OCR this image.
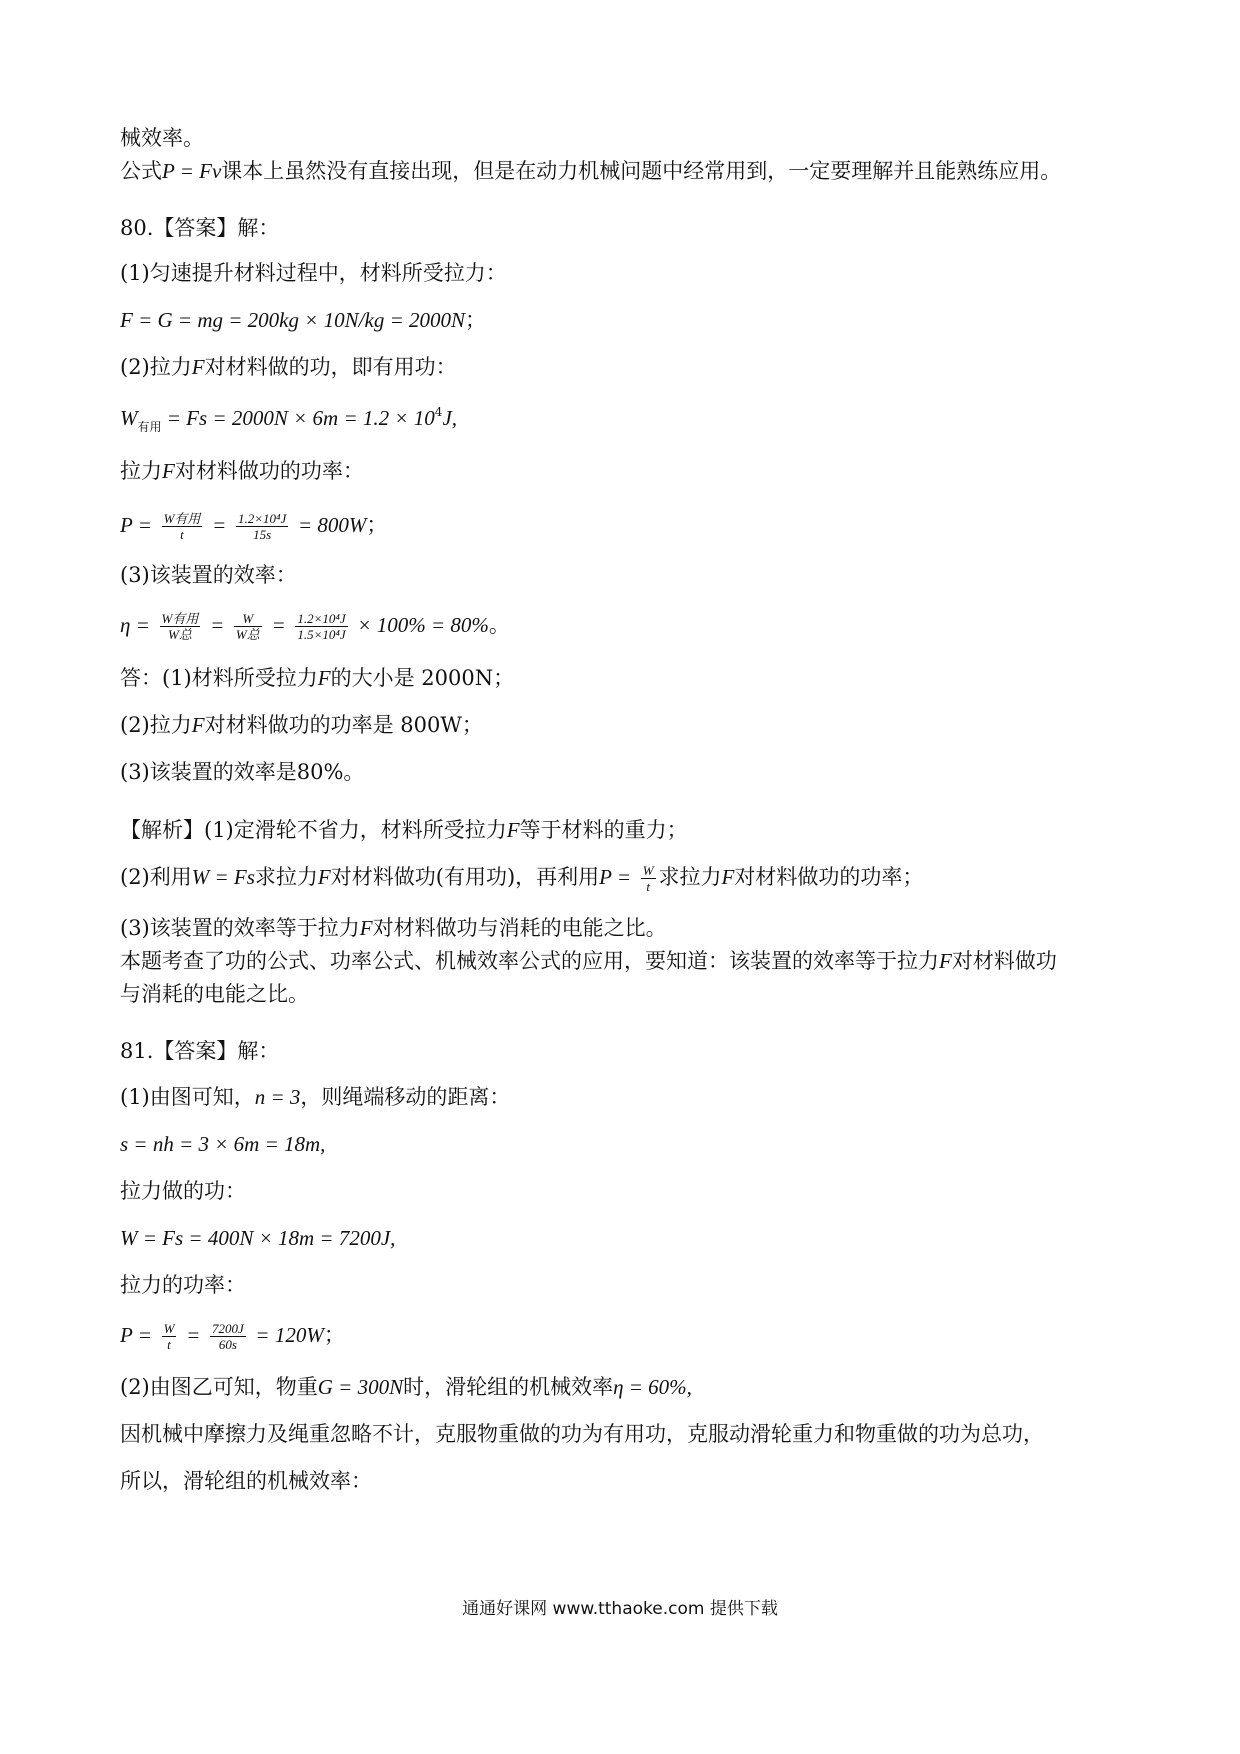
械效率。
公式P = Fv课本上虽然没有直接出现，但是在动力机械问题中经常用到，一定要理解并且能熟练应用。
80.【答案】解：
(1)匀速提升材料过程中，材料所受拉力：
F = G = mg = 200kg × 10N/kg = 2000N；
(2)拉力F对材料做的功，即有用功：
$W_{有用} = Fs = 2000N \times 6m = 1.2 \times 10^4J$,
拉力F对材料做功的功率：
$P = \frac{\text{W有用}}{t} = \frac{\text{1.2×10⁴J}}{15s} = 800W$；
(3)该装置的效率：
$\eta = \frac{\text{W有用}}{\text{W总}} = \frac{W}{\text{W总}} = \frac{\text{1.2×10⁴J}}{\text{1.5×10⁴J}} \times 100\% = 80\%$。
答：(1)材料所受拉力F的大小是 2000N；
(2)拉力F对材料做功的功率是 800W；
(3)该装置的效率是80%。
【解析】(1)定滑轮不省力，材料所受拉力F等于材料的重力；
(2)利用W = Fs求拉力F对材料做功(有用功)，再利用$P = \frac{W}{t}$ 求拉力F对材料做功的功率；
(3)该装置的效率等于拉力F对材料做功与消耗的电能之比。
本题考查了功的公式、功率公式、机械效率公式的应用，要知道：该装置的效率等于拉力F对材料做功
与消耗的电能之比。
81.【答案】解：
(1)由图可知，n = 3，则绳端移动的距离：
s = nh = 3 × 6m = 18m,
拉力做的功：
W = Fs = 400N × 18m = 7200J,
拉力的功率：
$P = \frac{W}{t} = \frac{7200J}{60s} = 120W$；
(2)由图乙可知，物重G = 300N时，滑轮组的机械效率η = 60%,
因机械中摩擦力及绳重忽略不计，克服物重做的功为有用功，克服动滑轮重力和物重做的功为总功，
所以，滑轮组的机械效率：
通通好课网 www.tthaoke.com 提供下载
